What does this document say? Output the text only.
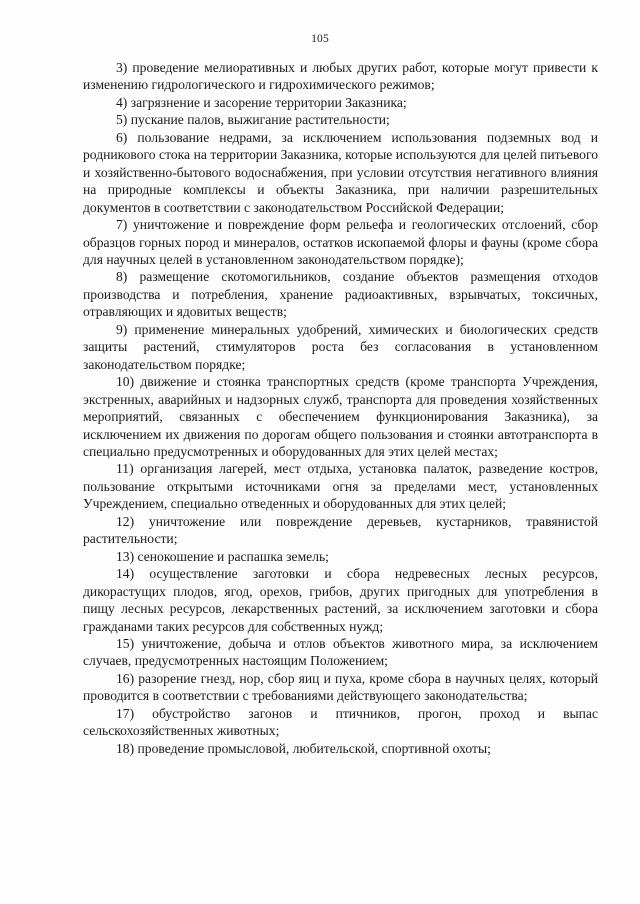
105

3) проведение мелиоративных и любых других работ, которые могут привести к изменению гидрологического и гидрохимического режимов;

4) загрязнение и засорение территории Заказника;

5) пускание палов, выжигание растительности;

6) пользование недрами, за исключением использования подземных вод и родникового стока на территории Заказника, которые используются для целей питьевого и хозяйственно-бытового водоснабжения, при условии отсутствия негативного влияния на природные комплексы и объекты Заказника, при наличии разрешительных документов в соответствии с законодательством Российской Федерации;

7) уничтожение и повреждение форм рельефа и геологических отслоений, сбор образцов горных пород и минералов, остатков ископаемой флоры и фауны (кроме сбора для научных целей в установленном законодательством порядке);

8) размещение скотомогильников, создание объектов размещения отходов производства и потребления, хранение радиоактивных, взрывчатых, токсичных, отравляющих и ядовитых веществ;

9) применение минеральных удобрений, химических и биологических средств защиты растений, стимуляторов роста без согласования в установленном законодательством порядке;

10) движение и стоянка транспортных средств (кроме транспорта Учреждения, экстренных, аварийных и надзорных служб, транспорта для проведения хозяйственных мероприятий, связанных с обеспечением функционирования Заказника), за исключением их движения по дорогам общего пользования и стоянки автотранспорта в специально предусмотренных и оборудованных для этих целей местах;

11) организация лагерей, мест отдыха, установка палаток, разведение костров, пользование открытыми источниками огня за пределами мест, установленных Учреждением, специально отведенных и оборудованных для этих целей;

12) уничтожение или повреждение деревьев, кустарников, травянистой растительности;

13) сенокошение и распашка земель;

14) осуществление заготовки и сбора недревесных лесных ресурсов, дикорастущих плодов, ягод, орехов, грибов, других пригодных для употребления в пищу лесных ресурсов, лекарственных растений, за исключением заготовки и сбора гражданами таких ресурсов для собственных нужд;

15) уничтожение, добыча и отлов объектов животного мира, за исключением случаев, предусмотренных настоящим Положением;

16) разорение гнезд, нор, сбор яиц и пуха, кроме сбора в научных целях, который проводится в соответствии с требованиями действующего законодательства;

17) обустройство загонов и птичников, прогон, проход и выпас сельскохозяйственных животных;

18) проведение промысловой, любительской, спортивной охоты;
